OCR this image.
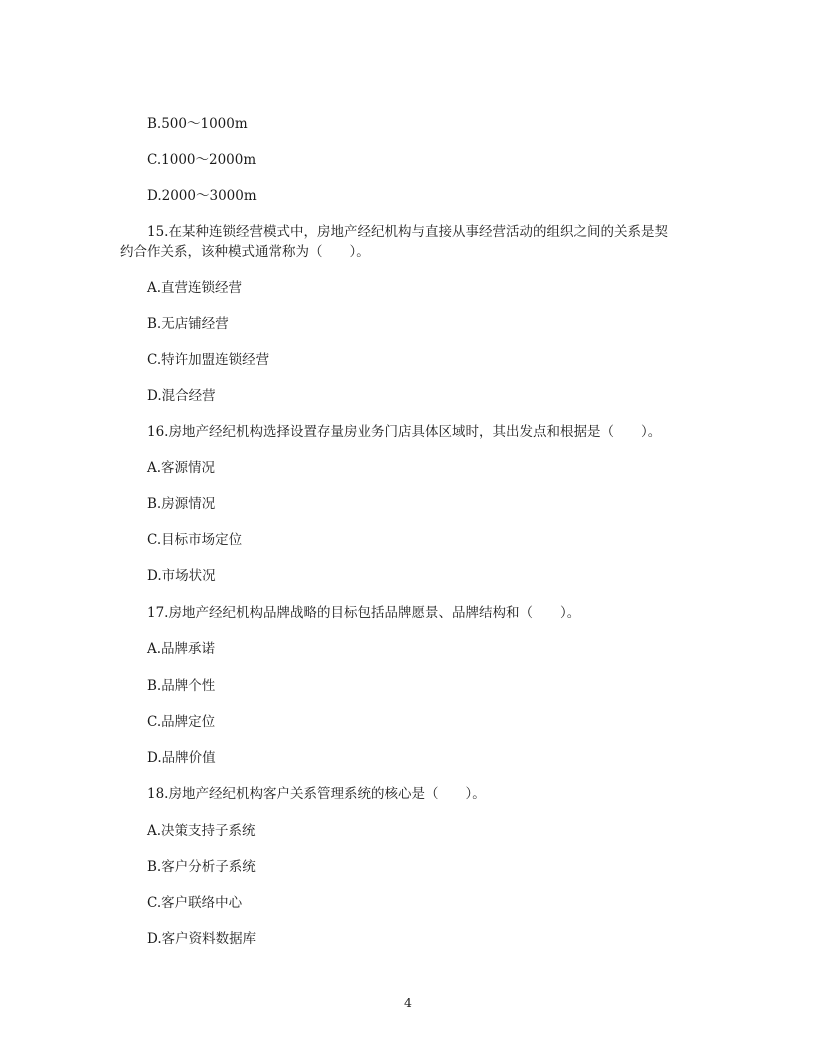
B.500～1000m
C.1000～2000m
D.2000～3000m
15.在某种连锁经营模式中，房地产经纪机构与直接从事经营活动的组织之间的关系是契
约合作关系，该种模式通常称为（　　）。
A.直营连锁经营
B.无店铺经营
C.特许加盟连锁经营
D.混合经营
16.房地产经纪机构选择设置存量房业务门店具体区域时，其出发点和根据是（　　）。
A.客源情况
B.房源情况
C.目标市场定位
D.市场状况
17.房地产经纪机构品牌战略的目标包括品牌愿景、品牌结构和（　　）。
A.品牌承诺
B.品牌个性
C.品牌定位
D.品牌价值
18.房地产经纪机构客户关系管理系统的核心是（　　）。
A.决策支持子系统
B.客户分析子系统
C.客户联络中心
D.客户资料数据库
4
